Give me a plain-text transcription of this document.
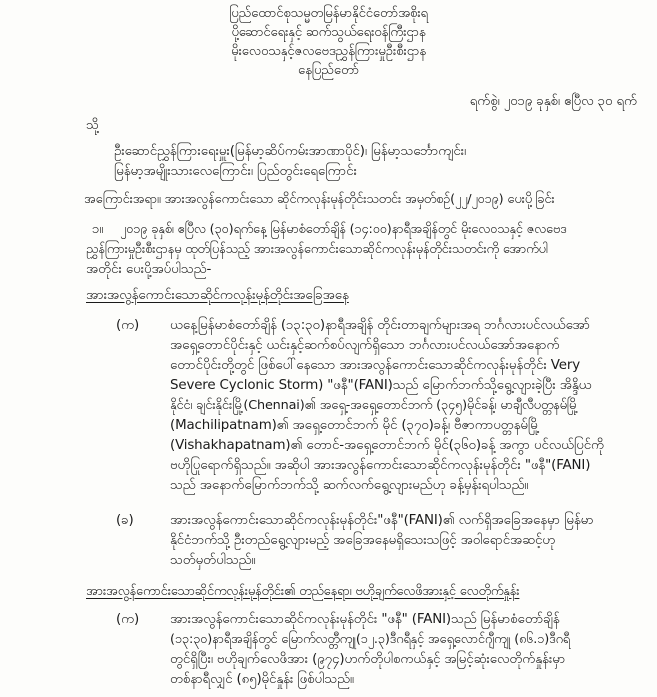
ပြည်ထောင်စုသမ္မတမြန်မာနိုင်ငံတော်အစိုးရ
ပို့ဆောင်ရေးနှင့် ဆက်သွယ်ရေးဝန်ကြီးဌာန
မိုးလေဝသနှင့်ဇလဗေဒညွှန်ကြားမှုဦးစီးဌာန
နေပြည်တော်
ရက်စွဲ၊ ၂၀၁၉ ခုနှစ်၊ ဧပြီလ ၃၀ ရက်
သို့
ဦးဆောင်ညွှန်ကြားရေးမှူး(မြန်မာ့ဆိပ်ကမ်းအာဏာပိုင်)၊ မြန်မာ့သင်္ဘောကျင်း၊
မြန်မာ့အမျိုးသားလေကြောင်း၊ ပြည်တွင်းရေကြောင်း
အကြောင်းအရာ။ အားအလွန်ကောင်းသော ဆိုင်ကလုန်းမုန်တိုင်းသတင်း အမှတ်စဉ်(၂၂/၂၀၁၉) ပေးပို့ခြင်း
၁။ ၂၀၁၉ ခုနှစ်၊ ဧပြီလ (၃၀)ရက်နေ့ မြန်မာစံတော်ချိန် (၁၄:၀၀)နာရီအချိန်တွင် မိုးလေဝသနှင့် ဇလဗေဒ
ညွှန်ကြားမှုဦးစီးဌာနမှ ထုတ်ပြန်သည့် အားအလွန်ကောင်းသောဆိုင်ကလုန်းမုန်တိုင်းသတင်းကို အောက်ပါ
အတိုင်း ပေးပို့အပ်ပါသည်-
အားအလွန်ကောင်းသောဆိုင်ကလုန်းမုန်တိုင်းအခြေအနေ
(က) ယနေ့မြန်မာစံတော်ချိန် (၁၃:၃၀)နာရီအချိန် တိုင်းတာချက်များအရ ဘင်္ဂလားပင်လယ်အော်
အရှေ့တောင်ပိုင်းနှင့် ယင်းနှင့်ဆက်စပ်လျက်ရှိသော ဘင်္ဂလားပင်လယ်အော်အနောက်
တောင်ပိုင်းတို့တွင် ဖြစ်ပေါ်နေသော အားအလွန်ကောင်းသောဆိုင်ကလုန်းမုန်တိုင်း Very
Severe Cyclonic Storm) "ဖနီ"(FANI)သည် မြောက်ဘက်သို့ရွေ့လျားခဲ့ပြီး အိန္ဒိယ
နိုင်ငံ၊ ချင်းနိုင်းမြို့(Chennai)၏ အရှေ့-အရှေ့တောင်ဘက် (၃၄၅)မိုင်ခန့်၊ မာချီလီပတ္တနမ်မြို့
(Machilipatnam)၏ အရှေ့တောင်ဘက် မိုင် (၃၇၀)ခန့်၊ ဗီဇာကာပတ္တနမ်မြို့
(Vishakhapatnam)၏ တောင်-အရှေ့တောင်ဘက် မိုင်(၃၆၀)ခန့် အကွာ ပင်လယ်ပြင်ကို
ဗဟိုပြုရောက်ရှိသည်။ အဆိုပါ အားအလွန်ကောင်းသောဆိုင်ကလုန်းမုန်တိုင်း "ဖနီ"(FANI)
သည် အနောက်မြောက်ဘက်သို့ ဆက်လက်ရွေ့လျားမည်ဟု ခန့်မှန်းရပါသည်။
(ခ)	အားအလွန်ကောင်းသောဆိုင်ကလုန်းမုန်တိုင်း"ဖနီ"(FANI)၏ လက်ရှိအခြေအနေမှာ မြန်မာ
နိုင်ငံဘက်သို့ ဦးတည်ရွေ့လျားမည့် အခြေအနေမရှိသေးသဖြင့် အဝါရောင်အဆင့်ဟု
သတ်မှတ်ပါသည်။
အားအလွန်ကောင်းသောဆိုင်ကလုန်းမုန်တိုင်း၏ တည်နေရာ၊ ဗဟိုချက်လေဖိအားနှင့် လေတိုက်နှုန်း
(က) အားအလွန်ကောင်းသောဆိုင်ကလုန်းမုန်တိုင်း "ဖနီ" (FANI)သည် မြန်မာစံတော်ချိန်
(၁၃:၃၀)နာရီအချိန်တွင် မြောက်လတ္တီကျု(၁၂.၃)ဒီဂရီနှင့် အရှေ့လောင်ဂျီကျု (၈၆.၁)ဒီဂရီ
တွင်ရှိပြီး၊ ဗဟိုချက်လေဖိအား (၉၇၄)ဟက်တိုပါစကယ်နှင့် အမြင့်ဆုံးလေတိုက်နှုန်းမှာ
တစ်နာရီလျှင် (၈၅)မိုင်နှုန်း ဖြစ်ပါသည်။
